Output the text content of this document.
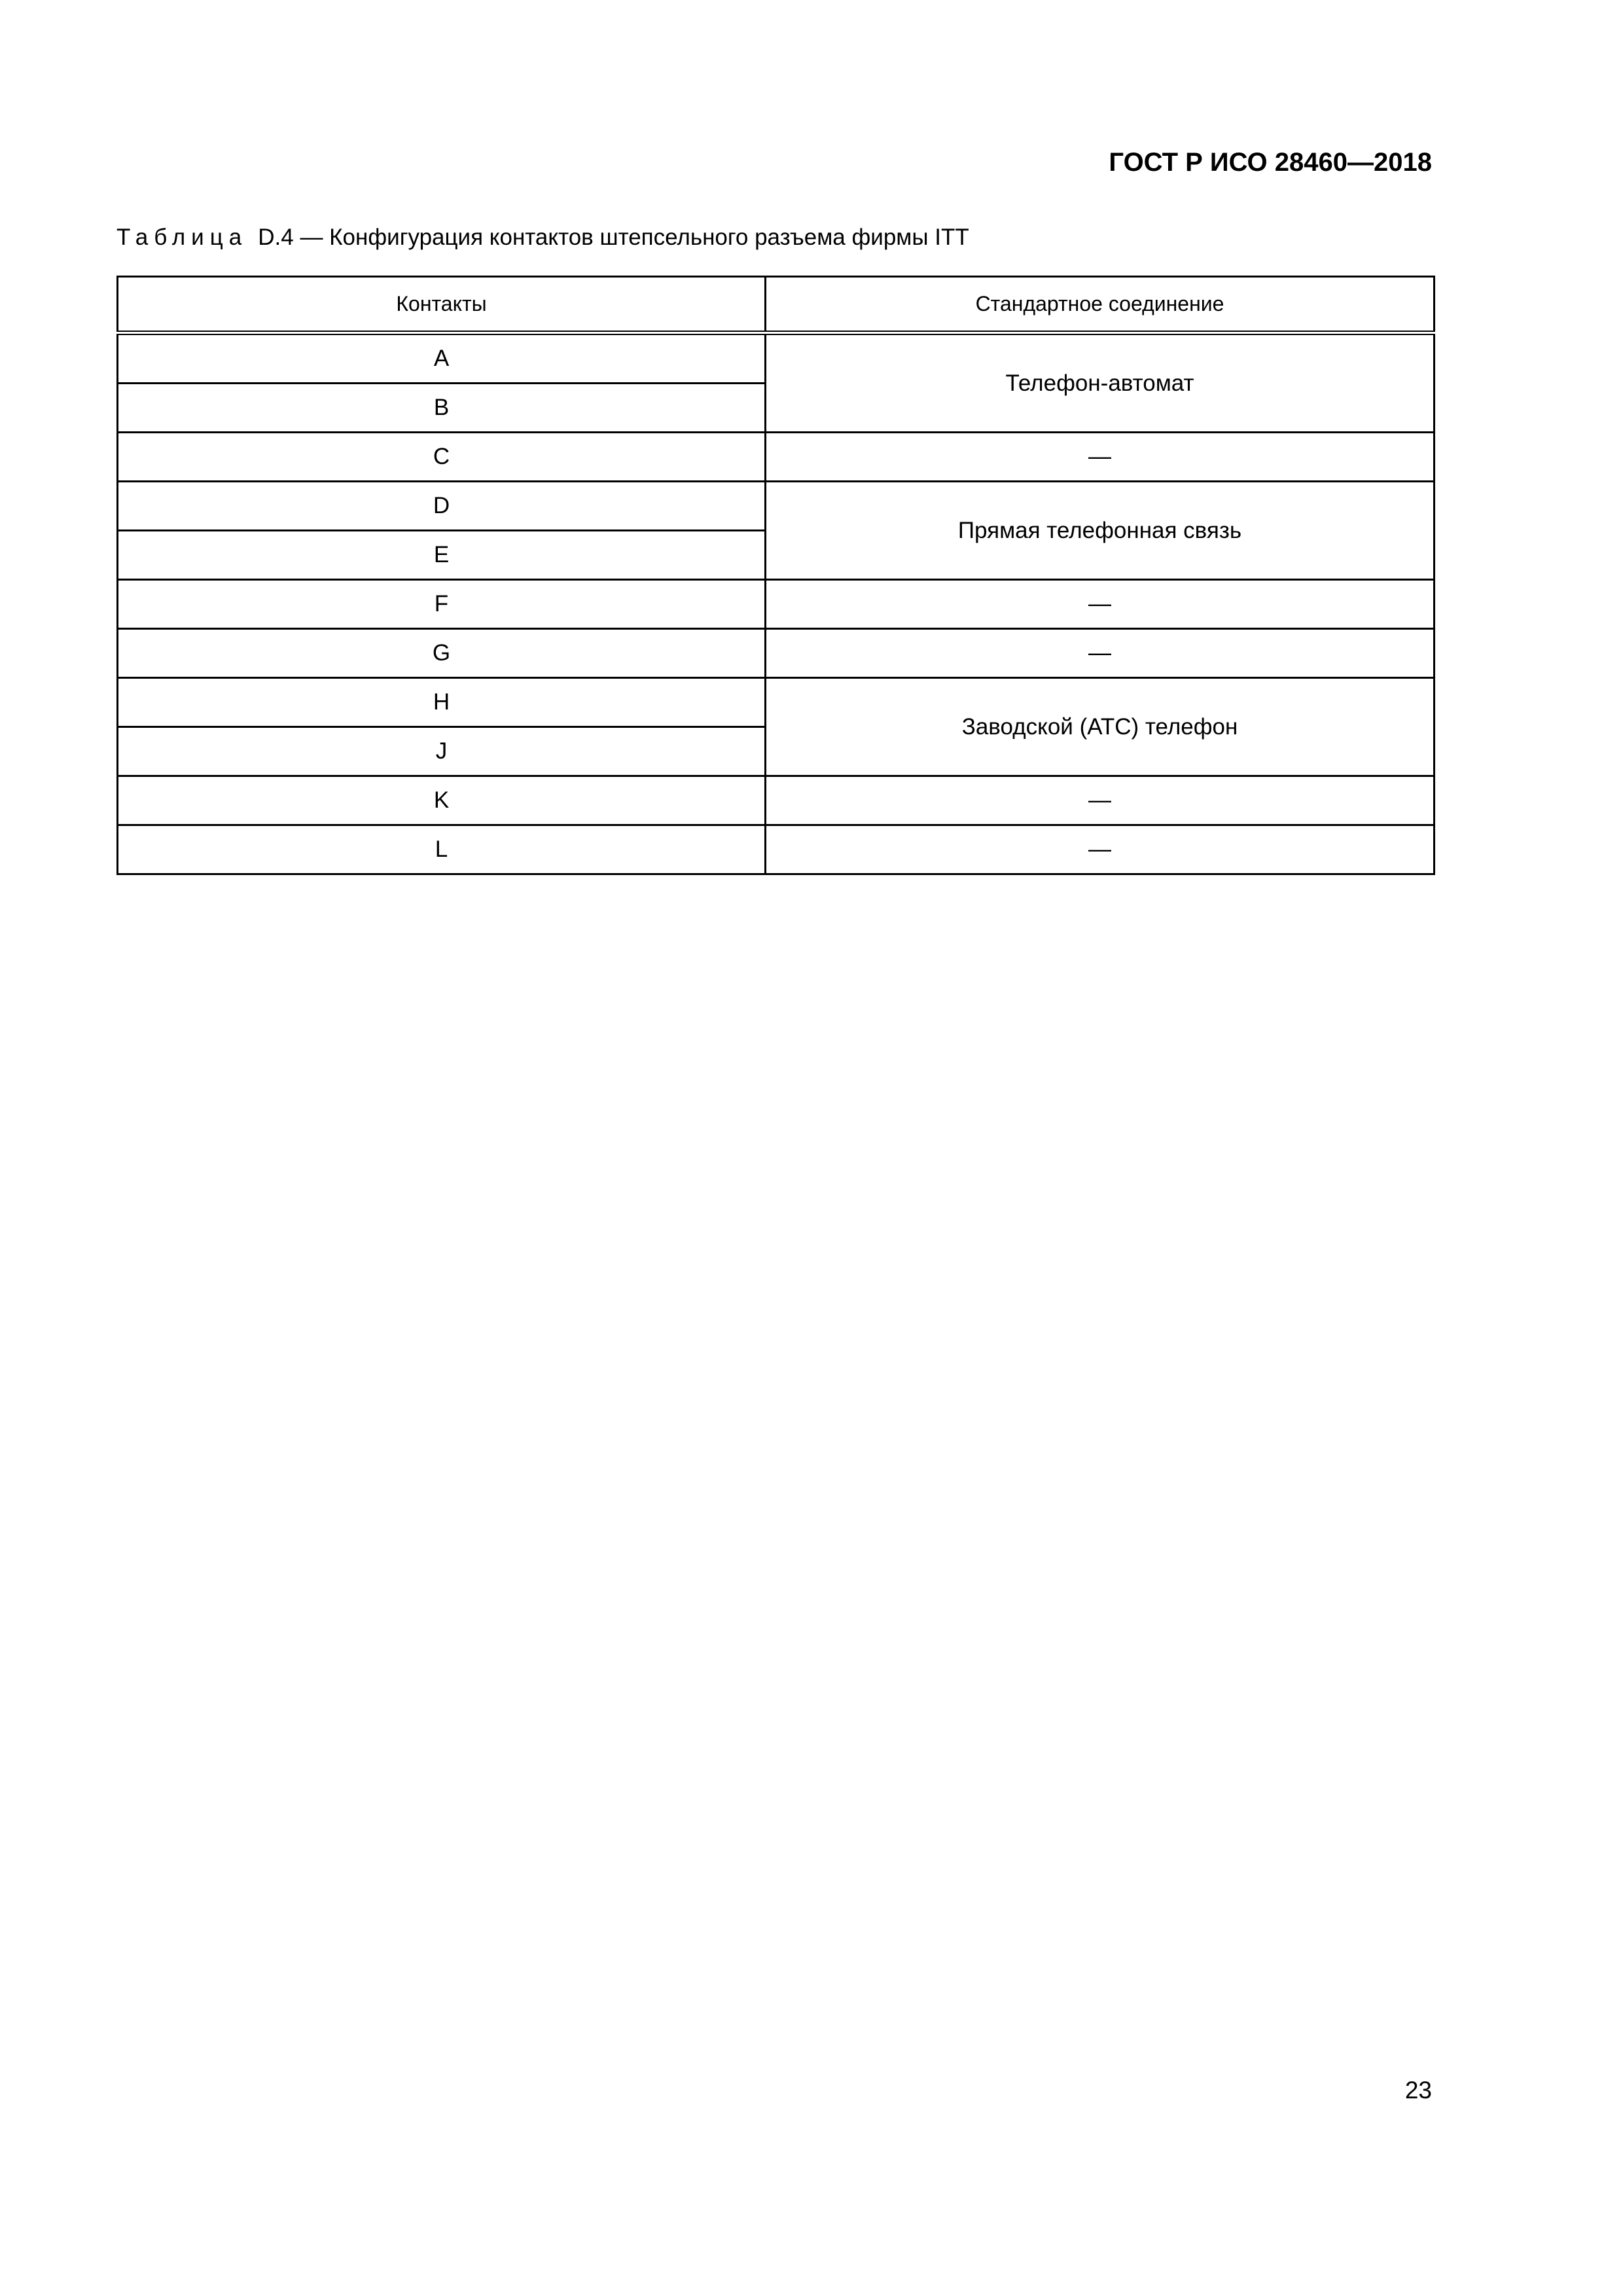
ГОСТ Р ИСО 28460—2018
Таблица D.4 — Конфигурация контактов штепсельного разъема фирмы ITT
Контакты	Стандартное соединение
A	Телефон-автомат
B	
C	—
D	Прямая телефонная связь
E	
F	—
G	—
H	Заводской (АТС) телефон
J	
K	—
L	—
23
